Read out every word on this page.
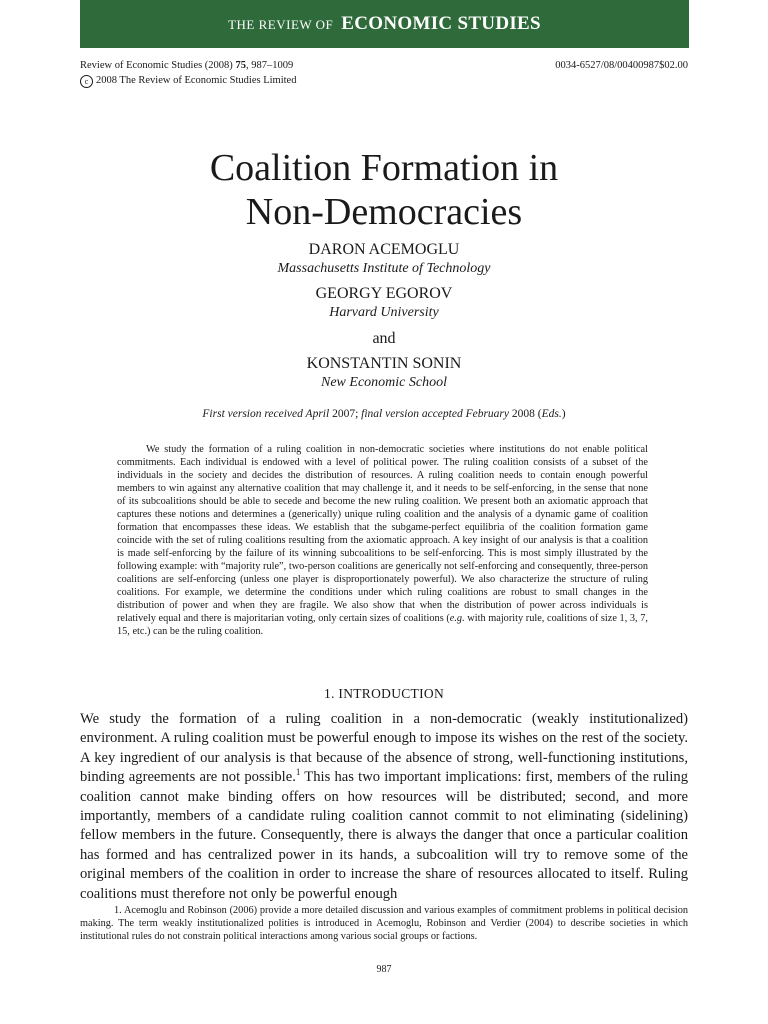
THE REVIEW OF ECONOMIC STUDIES
Review of Economic Studies (2008) 75, 987–1009
c 2008 The Review of Economic Studies Limited
0034-6527/08/00400987$02.00
Coalition Formation in
Non-Democracies

DARON ACEMOGLU

Massachusetts Institute of Technology

GEORGY EGOROV

Harvard University

and

KONSTANTIN SONIN

New Economic School

First version received April 2007; final version accepted February 2008 (Eds.)

We study the formation of a ruling coalition in non-democratic societies where institutions do not enable political commitments. Each individual is endowed with a level of political power. The ruling coalition consists of a subset of the individuals in the society and decides the distribution of resources. A ruling coalition needs to contain enough powerful members to win against any alternative coalition that may challenge it, and it needs to be self-enforcing, in the sense that none of its subcoalitions should be able to secede and become the new ruling coalition. We present both an axiomatic approach that captures these notions and determines a (generically) unique ruling coalition and the analysis of a dynamic game of coalition formation that encompasses these ideas. We establish that the subgame-perfect equilibria of the coalition formation game coincide with the set of ruling coalitions resulting from the axiomatic approach. A key insight of our analysis is that a coalition is made self-enforcing by the failure of its winning subcoalitions to be self-enforcing. This is most simply illustrated by the following example: with “majority rule”, two-person coalitions are generically not self-enforcing and consequently, three-person coalitions are self-enforcing (unless one player is disproportionately powerful). We also characterize the structure of ruling coalitions. For example, we determine the conditions under which ruling coalitions are robust to small changes in the distribution of power and when they are fragile. We also show that when the distribution of power across individuals is relatively equal and there is majoritarian voting, only certain sizes of coalitions (e.g. with majority rule, coalitions of size 1, 3, 7, 15, etc.) can be the ruling coalition.

1. INTRODUCTION

We study the formation of a ruling coalition in a non-democratic (weakly institutionalized) environment. A ruling coalition must be powerful enough to impose its wishes on the rest of the society. A key ingredient of our analysis is that because of the absence of strong, well-functioning institutions, binding agreements are not possible.$^1$ This has two important implications: first, members of the ruling coalition cannot make binding offers on how resources will be distributed; second, and more importantly, members of a candidate ruling coalition cannot commit to not eliminating (sidelining) fellow members in the future. Consequently, there is always the danger that once a particular coalition has formed and has centralized power in its hands, a subcoalition will try to remove some of the original members of the coalition in order to increase the share of resources allocated to itself. Ruling coalitions must therefore not only be powerful enough

1. Acemoglu and Robinson (2006) provide a more detailed discussion and various examples of commitment problems in political decision making. The term weakly institutionalized polities is introduced in Acemoglu, Robinson and Verdier (2004) to describe societies in which institutional rules do not constrain political interactions among various social groups or factions.

987
